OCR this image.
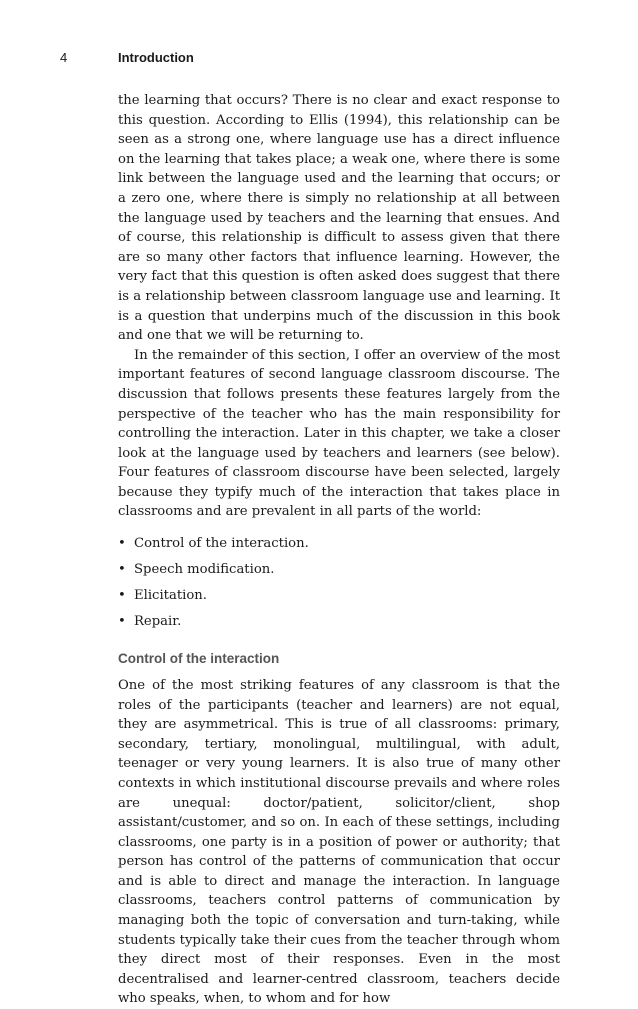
4	Introduction

the learning that occurs? There is no clear and exact response to this question. According to Ellis (1994), this relationship can be seen as a strong one, where language use has a direct influence on the learning that takes place; a weak one, where there is some link between the language used and the learning that occurs; or a zero one, where there is simply no relationship at all between the language used by teachers and the learning that ensues. And of course, this relationship is difficult to assess given that there are so many other factors that influence learning. However, the very fact that this question is often asked does suggest that there is a relationship between classroom language use and learning. It is a question that underpins much of the discussion in this book and one that we will be returning to.

In the remainder of this section, I offer an overview of the most important features of second language classroom discourse. The discussion that follows presents these features largely from the perspective of the teacher who has the main responsibility for controlling the interaction. Later in this chapter, we take a closer look at the language used by teachers and learners (see below). Four features of classroom discourse have been selected, largely because they typify much of the interaction that takes place in classrooms and are prevalent in all parts of the world:

• Control of the interaction.
• Speech modification.
• Elicitation.
• Repair.
Control of the interaction

One of the most striking features of any classroom is that the roles of the participants (teacher and learners) are not equal, they are asymmetrical. This is true of all classrooms: primary, secondary, tertiary, monolingual, multilingual, with adult, teenager or very young learners. It is also true of many other contexts in which institutional discourse prevails and where roles are unequal: doctor/patient, solicitor/client, shop assistant/customer, and so on. In each of these settings, including classrooms, one party is in a position of power or authority; that person has control of the patterns of communication that occur and is able to direct and manage the interaction. In language classrooms, teachers control patterns of communication by managing both the topic of conversation and turn-taking, while students typically take their cues from the teacher through whom they direct most of their responses. Even in the most decentralised and learner-centred classroom, teachers decide who speaks, when, to whom and for how
